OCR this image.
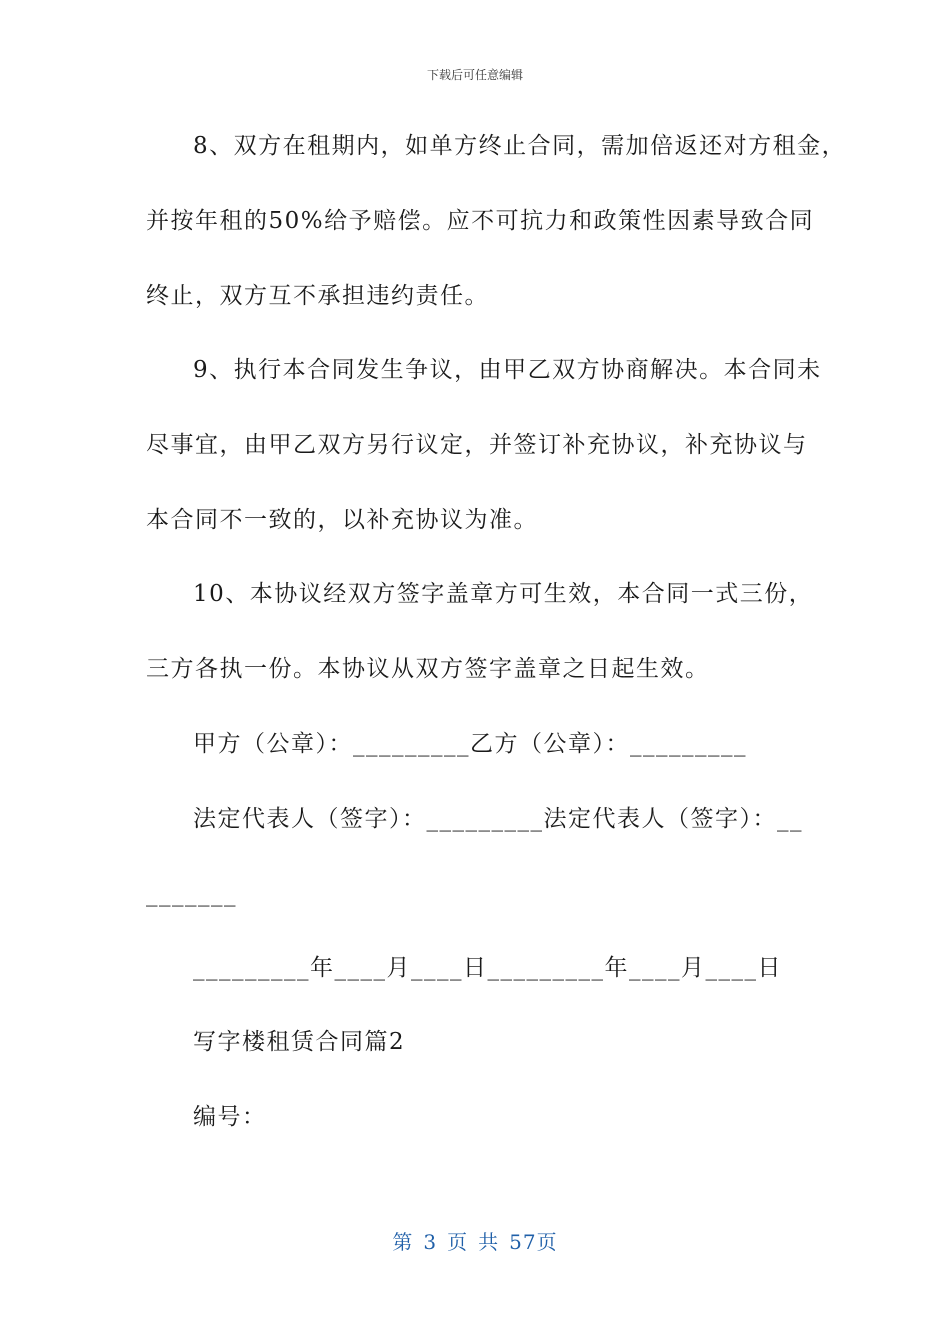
下载后可任意编辑
8、双方在租期内，如单方终止合同，需加倍返还对方租金，
并按年租的50%给予赔偿。应不可抗力和政策性因素导致合同
终止，双方互不承担违约责任。
9、执行本合同发生争议，由甲乙双方协商解决。本合同未
尽事宜，由甲乙双方另行议定，并签订补充协议，补充协议与
本合同不一致的，以补充协议为准。
10、本协议经双方签字盖章方可生效，本合同一式三份，
三方各执一份。本协议从双方签字盖章之日起生效。
甲方（公章）：_________乙方（公章）：_________
法定代表人（签字）：_________法定代表人（签字）：__
_______
_________年____月____日_________年____月____日
写字楼租赁合同篇2
编号：
第 3 页 共 57页
